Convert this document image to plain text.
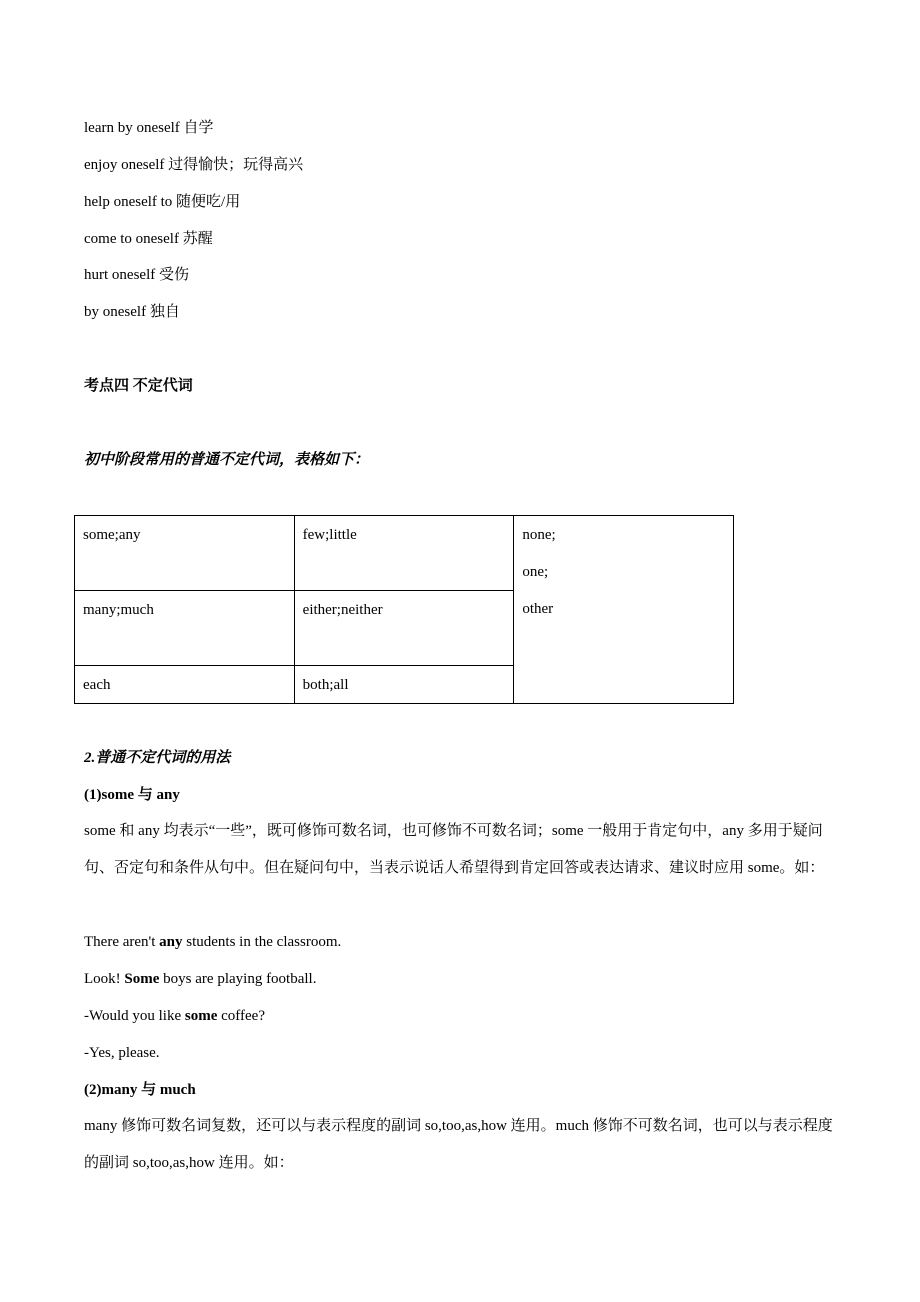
learn by oneself 自学
enjoy oneself 过得愉快；玩得高兴
help oneself to 随便吃/用
come to oneself 苏醒
hurt oneself 受伤
by oneself 独自
考点四 不定代词
初中阶段常用的普通不定代词，表格如下：
some;any	few;little	none;
one;
other

many;much	either;neither	
each	both;all	
2.普通不定代词的用法
(1)some 与 any
some 和 any 均表示“一些”，既可修饰可数名词，也可修饰不可数名词；some 一般用于肯定句中，any 多用于疑问句、否定句和条件从句中。但在疑问句中，当表示说话人希望得到肯定回答或表达请求、建议时应用 some。如：
There aren't any students in the classroom.
Look! Some boys are playing football.
-Would you like some coffee?
-Yes, please.
(2)many 与 much
many 修饰可数名词复数，还可以与表示程度的副词 so,too,as,how 连用。much 修饰不可数名词，也可以与表示程度的副词 so,too,as,how 连用。如：
